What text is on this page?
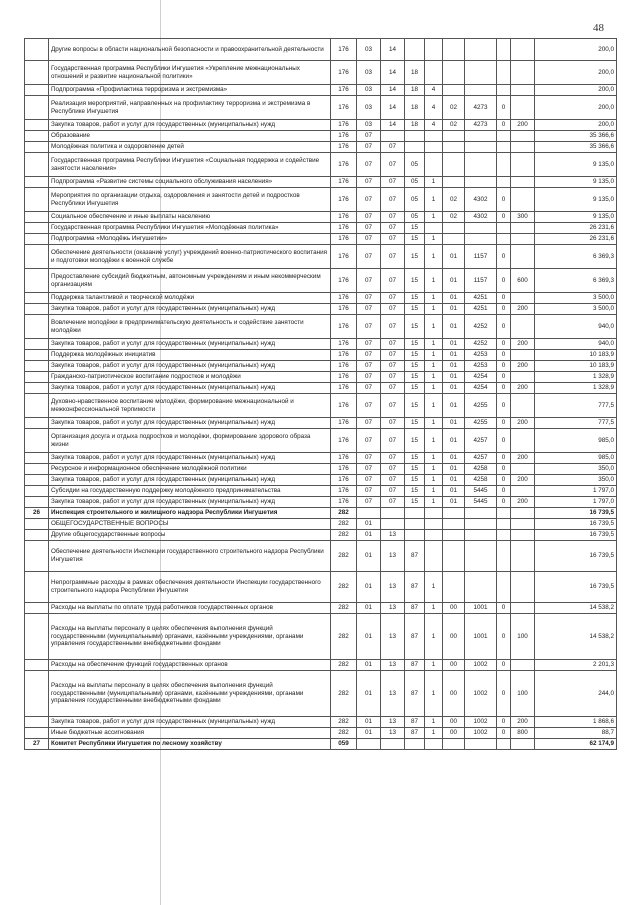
48
	Другие вопросы в области национальной безопасности и правоохранительной деятельности	176	03	14							200,0
	Государственная программа Республики Ингушетия «Укрепление межнациональных отношений и развитие национальной политики»	176	03	14	18						200,0
	Подпрограмма «Профилактика терроризма и экстремизма»	176	03	14	18	4					200,0
	Реализация мероприятий, направленных на профилактику терроризма и экстремизма в Республике Ингушетия	176	03	14	18	4	02	4273	0		200,0
	Закупка товаров, работ и услуг для государственных (муниципальных) нужд	176	03	14	18	4	02	4273	0	200	200,0
	Образование	176	07								35 366,6
	Молодёжная политика и оздоровление детей	176	07	07							35 366,6
	Государственная программа Республики Ингушетия «Социальная поддержка и содействие занятости населения»	176	07	07	05						9 135,0
	Подпрограмма «Развитие системы социального обслуживания населения»	176	07	07	05	1					9 135,0
	Мероприятия по организации отдыха, оздоровления и занятости детей и подростков Республики Ингушетия	176	07	07	05	1	02	4302	0		9 135,0
	Социальное обеспечение и иные выплаты населению	176	07	07	05	1	02	4302	0	300	9 135,0
	Государственная программа Республики Ингушетия «Молодёжная политика»	176	07	07	15						26 231,6
	Подпрограмма «Молодёжь Ингушетии»	176	07	07	15	1					26 231,6
	Обеспечение деятельности (оказание услуг) учреждений военно-патриотического воспитания и подготовки молодёжи к военной службе	176	07	07	15	1	01	1157	0		6 369,3
	Предоставление субсидий бюджетным, автономным учреждениям и иным некоммерческим организациям	176	07	07	15	1	01	1157	0	600	6 369,3
	Поддержка талантливой и творческой молодёжи	176	07	07	15	1	01	4251	0		3 500,0
	Закупка товаров, работ и услуг для государственных (муниципальных) нужд	176	07	07	15	1	01	4251	0	200	3 500,0
	Вовлечение молодёжи в предпринимательскую деятельность и содействие занятости молодёжи	176	07	07	15	1	01	4252	0		940,0
	Закупка товаров, работ и услуг для государственных (муниципальных) нужд	176	07	07	15	1	01	4252	0	200	940,0
	Поддержка молодёжных инициатив	176	07	07	15	1	01	4253	0		10 183,9
	Закупка товаров, работ и услуг для государственных (муниципальных) нужд	176	07	07	15	1	01	4253	0	200	10 183,9
	Гражданско-патриотическое воспитание подростков и молодёжи	176	07	07	15	1	01	4254	0		1 328,9
	Закупка товаров, работ и услуг для государственных (муниципальных) нужд	176	07	07	15	1	01	4254	0	200	1 328,9
	Духовно-нравственное воспитание молодёжи, формирование межнациональной и межконфессиональной терпимости	176	07	07	15	1	01	4255	0		777,5
	Закупка товаров, работ и услуг для государственных (муниципальных) нужд	176	07	07	15	1	01	4255	0	200	777,5
	Организация досуга и отдыха подростков и молодёжи, формирование здорового образа жизни	176	07	07	15	1	01	4257	0		985,0
	Закупка товаров, работ и услуг для государственных (муниципальных) нужд	176	07	07	15	1	01	4257	0	200	985,0
	Ресурсное и информационное обеспечение молодёжной политики	176	07	07	15	1	01	4258	0		350,0
	Закупка товаров, работ и услуг для государственных (муниципальных) нужд	176	07	07	15	1	01	4258	0	200	350,0
	Субсидии на государственную поддержку молодёжного предпринимательства	176	07	07	15	1	01	5445	0		1 797,0
	Закупка товаров, работ и услуг для государственных (муниципальных) нужд	176	07	07	15	1	01	5445	0	200	1 797,0
26	Инспекция строительного и жилищного надзора Республики Ингушетия	282									16 739,5
	ОБЩЕГОСУДАРСТВЕННЫЕ ВОПРОСЫ	282	01								16 739,5
	Другие общегосударственные вопросы	282	01	13							16 739,5
	Обеспечение деятельности Инспекции государственного строительного надзора Республики Ингушетия	282	01	13	87						16 739,5
	Непрограммные расходы в рамках обеспечения деятельности Инспекции государственного строительного надзора Республики Ингушетия	282	01	13	87	1					16 739,5
	Расходы на выплаты по оплате труда работников государственных органов	282	01	13	87	1	00	1001	0		14 538,2
	Расходы на выплаты персоналу в целях обеспечения выполнения функций государственными (муниципальными) органами, казёнными учреждениями, органами управления государственными внебюджетными фондами	282	01	13	87	1	00	1001	0	100	14 538,2
	Расходы на обеспечение функций государственных органов	282	01	13	87	1	00	1002	0		2 201,3
	Расходы на выплаты персоналу в целях обеспечения выполнения функций государственными (муниципальными) органами, казёнными учреждениями, органами управления государственными внебюджетными фондами	282	01	13	87	1	00	1002	0	100	244,0
	Закупка товаров, работ и услуг для государственных (муниципальных) нужд	282	01	13	87	1	00	1002	0	200	1 868,6
	Иные бюджетные ассигнования	282	01	13	87	1	00	1002	0	800	88,7
27	Комитет Республики Ингушетия по лесному хозяйству	059									62 174,9
